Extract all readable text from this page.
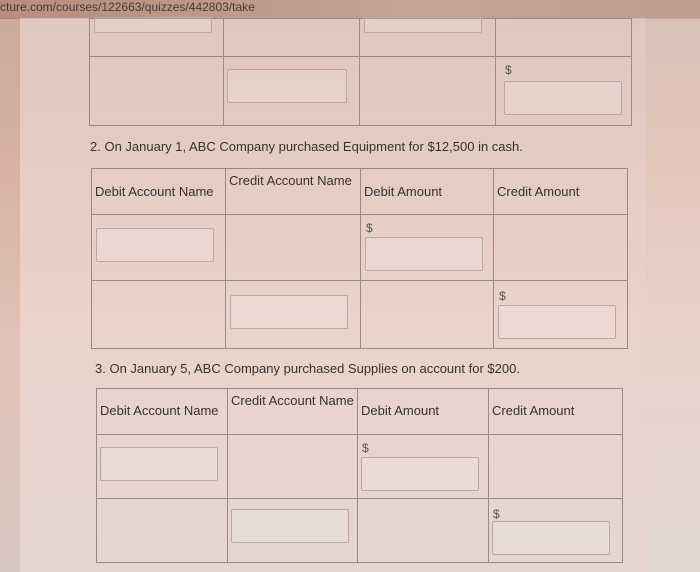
cture.com/courses/122663/quizzes/442803/take

			$
2. On January 1, ABC Company purchased Equipment for $12,500 in cash.
Debit Account Name	Credit Account Name	Debit Amount	Credit Amount

		$	

			$
3. On January 5, ABC Company purchased Supplies on account for $200.
Debit Account Name	Credit Account Name	Debit Amount	Credit Amount

		$	

			$
